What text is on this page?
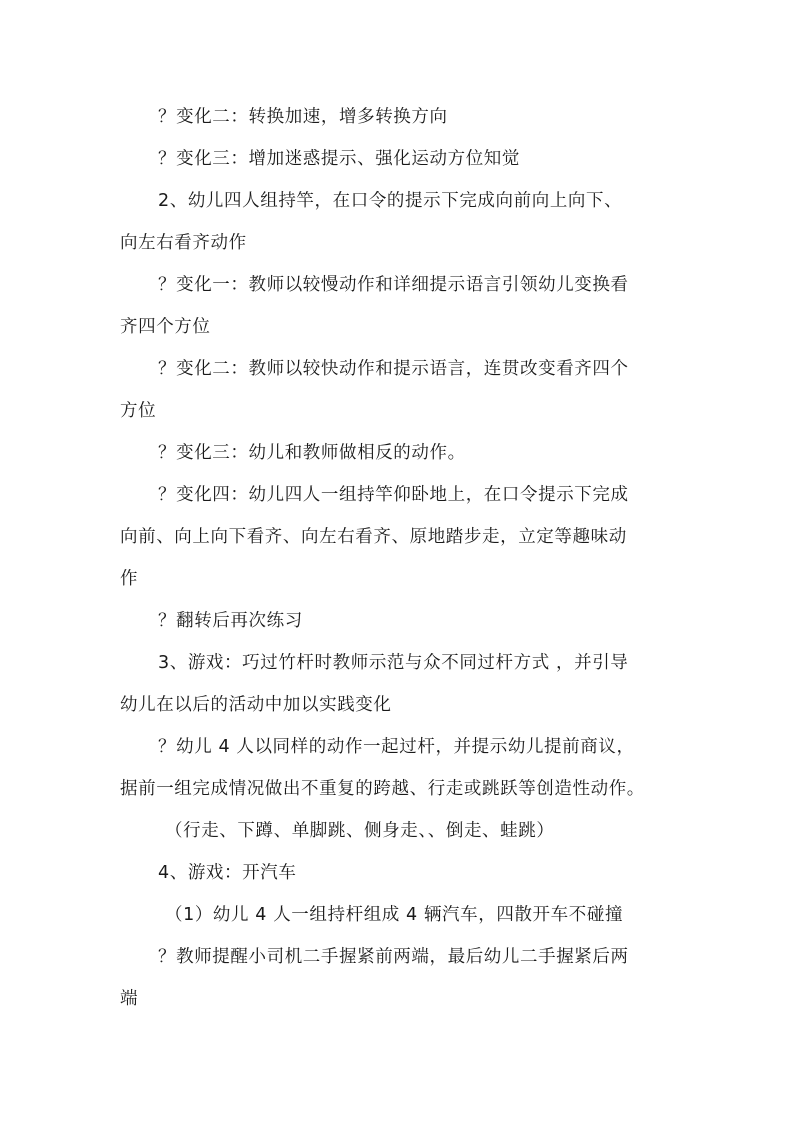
？变化二：转换加速，增多转换方向
？变化三：增加迷惑提示、强化运动方位知觉
2、幼儿四人组持竿，在口令的提示下完成向前向上向下、
向左右看齐动作
？变化一：教师以较慢动作和详细提示语言引领幼儿变换看
齐四个方位
？变化二：教师以较快动作和提示语言，连贯改变看齐四个
方位
？变化三：幼儿和教师做相反的动作。
？变化四：幼儿四人一组持竿仰卧地上，在口令提示下完成
向前、向上向下看齐、向左右看齐、原地踏步走，立定等趣味动
作
？翻转后再次练习
3、游戏：巧过竹杆时教师示范与众不同过杆方式 ，并引导
幼儿在以后的活动中加以实践变化
？幼儿 4 人以同样的动作一起过杆，并提示幼儿提前商议，
据前一组完成情况做出不重复的跨越、行走或跳跃等创造性动作。
（行走、下蹲、单脚跳、侧身走、、倒走、蛙跳）
4、游戏：开汽车
（1）幼儿 4 人一组持杆组成 4 辆汽车，四散开车不碰撞
？教师提醒小司机二手握紧前两端，最后幼儿二手握紧后两
端
